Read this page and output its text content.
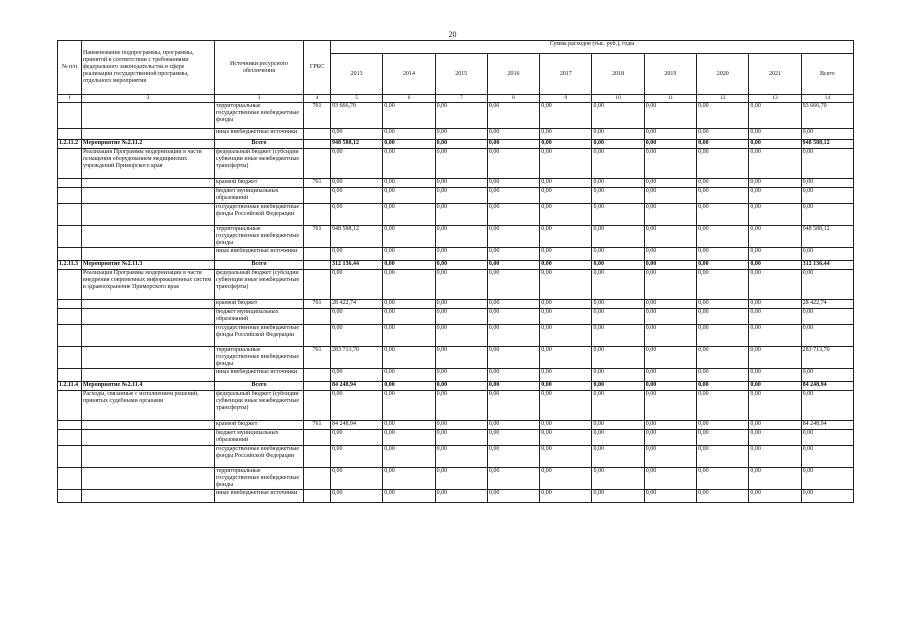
20
№ п/п	Наименование подпрограммы, программы, принятой в соответствии с требованиями федерального законодательства в сфере реализации государственной программы, отдельного мероприятия	Источники ресурсного обеспечения	ГРБС	Сумма расходов (тыс. руб.), годы									
				2013	2014	2015	2016	2017	2018	2019	2020	2021	Всего
1	2	3	4	5	6	7	8	9	10	11	12	13	14
		территориальные государственные внебюджетные фонды	761	93 666,70	0,00	0,00	0,00	0,00	0,00	0,00	0,00	0,00	93 666,70
		иные внебюджетные источники		0,00	0,00	0,00	0,00	0,00	0,00	0,00	0,00	0,00	0,00
1.2.11.2	Мероприятие №2.11.2	Всего		948 588,12	0,00	0,00	0,00	0,00	0,00	0,00	0,00	0,00	948 588,12
	Реализация Программы модернизации в части оснащения оборудованием медицинских учреждений Приморского края	федеральный бюджет (субсидии субвенции иные межбюджетные трансферты)		0,00	0,00	0,00	0,00	0,00	0,00	0,00	0,00	0,00	0,00
		краевой бюджет	761	0,00	0,00	0,00	0,00	0,00	0,00	0,00	0,00	0,00	0,00
		бюджет муниципальных образований		0,00	0,00	0,00	0,00	0,00	0,00	0,00	0,00	0,00	0,00
		государственные внебюджетные фонды Российской Федерации		0,00	0,00	0,00	0,00	0,00	0,00	0,00	0,00	0,00	0,00
		территориальные государственные внебюджетные фонды	761	948 588,12	0,00	0,00	0,00	0,00	0,00	0,00	0,00	0,00	948 588,12
		иные внебюджетные источники		0,00	0,00	0,00	0,00	0,00	0,00	0,00	0,00	0,00	0,00
1.2.11.3	Мероприятие №2.11.3	Всего		312 136,44	0,00	0,00	0,00	0,00	0,00	0,00	0,00	0,00	312 136,44
	Реализация Программы модернизации в части внедрения современных информационных систем в здравоохранение Приморского края	федеральный бюджет (субсидии субвенции иные межбюджетные трансферты)		0,00	0,00	0,00	0,00	0,00	0,00	0,00	0,00	0,00	0,00
		краевой бюджет	761	28 422,74	0,00	0,00	0,00	0,00	0,00	0,00	0,00	0,00	28 422,74
		бюджет муниципальных образований		0,00	0,00	0,00	0,00	0,00	0,00	0,00	0,00	0,00	0,00
		государственные внебюджетные фонды Российской Федерации		0,00	0,00	0,00	0,00	0,00	0,00	0,00	0,00	0,00	0,00
		территориальные государственные внебюджетные фонды	761	283 713,70	0,00	0,00	0,00	0,00	0,00	0,00	0,00	0,00	283 713,70
		иные внебюджетные источники		0,00	0,00	0,00	0,00	0,00	0,00	0,00	0,00	0,00	0,00
1.2.11.4	Мероприятие №2.11.4	Всего		84 248,94	0,00	0,00	0,00	0,00	0,00	0,00	0,00	0,00	84 248,94
	Расходы, связанные с исполнением решений, принятых судебными органами	федеральный бюджет (субсидии субвенции иные межбюджетные трансферты)		0,00	0,00	0,00	0,00	0,00	0,00	0,00	0,00	0,00	0,00
		краевой бюджет	761	84 248,94	0,00	0,00	0,00	0,00	0,00	0,00	0,00	0,00	84 248,94
		бюджет муниципальных образований		0,00	0,00	0,00	0,00	0,00	0,00	0,00	0,00	0,00	0,00
		государственные внебюджетные фонды Российской Федерации		0,00	0,00	0,00	0,00	0,00	0,00	0,00	0,00	0,00	0,00
		территориальные государственные внебюджетные фонды		0,00	0,00	0,00	0,00	0,00	0,00	0,00	0,00	0,00	0,00
		иные внебюджетные источники		0,00	0,00	0,00	0,00	0,00	0,00	0,00	0,00	0,00	0,00
